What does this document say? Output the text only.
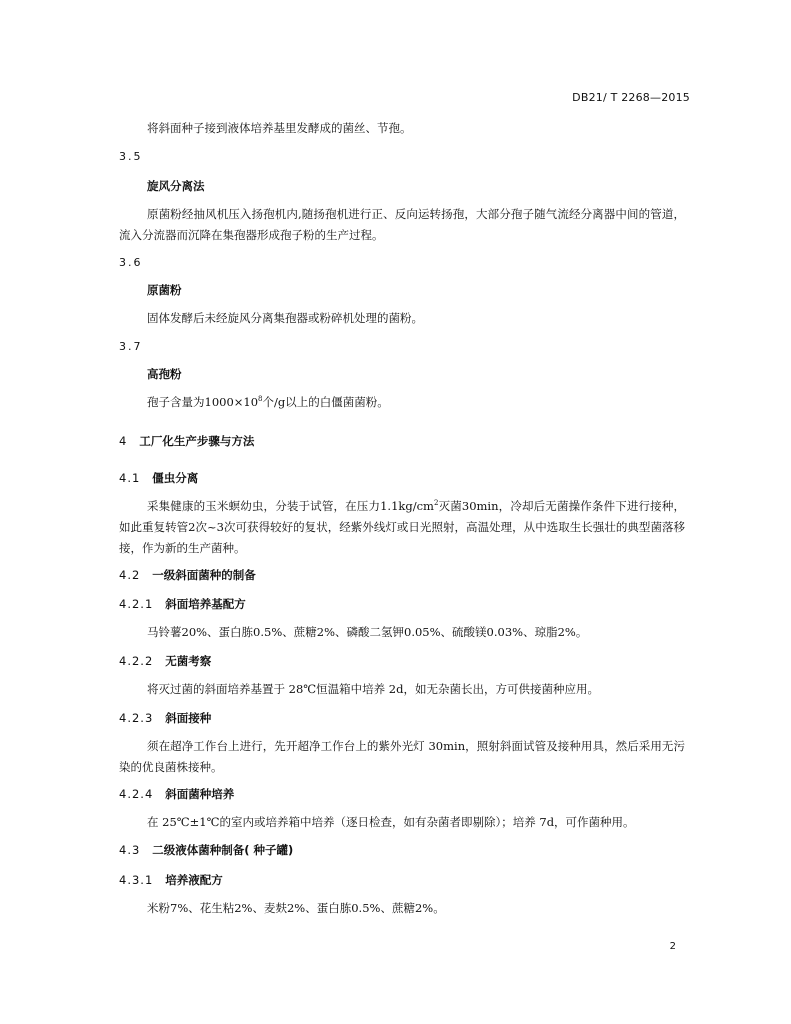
DB21/ T 2268—2015
将斜面种子接到液体培养基里发酵成的菌丝、节孢。
3.5
旋风分离法
原菌粉经抽风机压入扬孢机内,随扬孢机进行正、反向运转扬孢，大部分孢子随气流经分离器中间的管道，流入分流器而沉降在集孢器形成孢子粉的生产过程。
3.6
原菌粉
固体发酵后未经旋风分离集孢器或粉碎机处理的菌粉。
3.7
高孢粉
孢子含量为$1000\times 10^8$个/g以上的白僵菌菌粉。
4 工厂化生产步骤与方法
4.1 僵虫分离
采集健康的玉米螟幼虫，分装于试管，在压力$1.1kg/cm^2$灭菌30min，冷却后无菌操作条件下进行接种，如此重复转管2次~3次可获得较好的复状，经紫外线灯或日光照射，高温处理，从中选取生长强壮的典型菌落移接，作为新的生产菌种。
4.2 一级斜面菌种的制备
4.2.1 斜面培养基配方
马铃薯20%、蛋白胨0.5%、蔗糖2%、磷酸二氢钾0.05%、硫酸镁0.03%、琼脂2%。
4.2.2 无菌考察
将灭过菌的斜面培养基置于 28℃恒温箱中培养 2d，如无杂菌长出，方可供接菌种应用。
4.2.3 斜面接种
须在超净工作台上进行，先开超净工作台上的紫外光灯 30min，照射斜面试管及接种用具，然后采用无污染的优良菌株接种。
4.2.4 斜面菌种培养
在 25℃±1℃的室内或培养箱中培养（逐日检查，如有杂菌者即剔除）；培养 7d，可作菌种用。
4.3 二级液体菌种制备( 种子罐)
4.3.1 培养液配方
米粉7%、花生粘2%、麦麸2%、蛋白胨0.5%、蔗糖2%。
2
